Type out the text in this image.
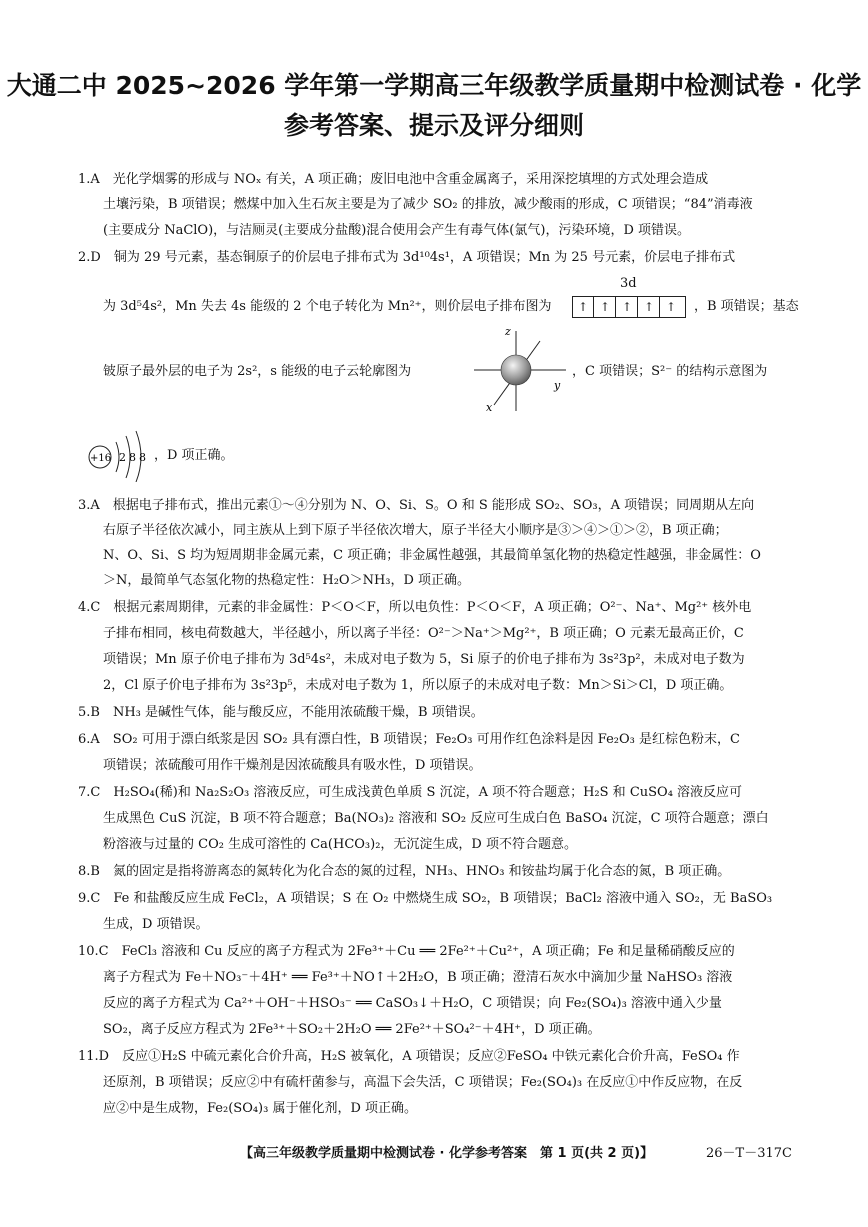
大通二中 2025~2026 学年第一学期高三年级教学质量期中检测试卷 · 化学
参考答案、提示及评分细则
1.A　光化学烟雾的形成与 NOₓ 有关，A 项正确；废旧电池中含重金属离子，采用深挖填埋的方式处理会造成
土壤污染，B 项错误；燃煤中加入生石灰主要是为了减少 SO₂ 的排放，减少酸雨的形成，C 项错误；“84”消毒液
(主要成分 NaClO)，与洁厕灵(主要成分盐酸)混合使用会产生有毒气体(氯气)，污染环境，D 项错误。
2.D　铜为 29 号元素，基态铜原子的价层电子排布式为 3d¹⁰4s¹，A 项错误；Mn 为 25 号元素，价层电子排布式
为 3d⁵4s²，Mn 失去 4s 能级的 2 个电子转化为 Mn²⁺，则价层电子排布图为
3d
↑ ↑ ↑ ↑ ↑	，B 项错误；基态
铍原子最外层的电子为 2s²，s 能级的电子云轮廓图为
z
x
y
，C 项错误；S²⁻ 的结构示意图为
+16 2 8 8 ，D 项正确。
3.A　根据电子排布式，推出元素①～④分别为 N、O、Si、S。O 和 S 能形成 SO₂、SO₃，A 项错误；同周期从左向
右原子半径依次减小，同主族从上到下原子半径依次增大，原子半径大小顺序是③＞④＞①＞②，B 项正确；
N、O、Si、S 均为短周期非金属元素，C 项正确；非金属性越强，其最简单氢化物的热稳定性越强，非金属性：O
＞N，最简单气态氢化物的热稳定性：H₂O＞NH₃，D 项正确。
4.C　根据元素周期律，元素的非金属性：P＜O＜F，所以电负性：P＜O＜F，A 项正确；O²⁻、Na⁺、Mg²⁺ 核外电
子排布相同，核电荷数越大，半径越小，所以离子半径：O²⁻＞Na⁺＞Mg²⁺，B 项正确；O 元素无最高正价，C
项错误；Mn 原子价电子排布为 3d⁵4s²，未成对电子数为 5，Si 原子的价电子排布为 3s²3p²，未成对电子数为
2，Cl 原子价电子排布为 3s²3p⁵，未成对电子数为 1，所以原子的未成对电子数：Mn＞Si＞Cl，D 项正确。
5.B　NH₃ 是碱性气体，能与酸反应，不能用浓硫酸干燥，B 项错误。
6.A　SO₂ 可用于漂白纸浆是因 SO₂ 具有漂白性，B 项错误；Fe₂O₃ 可用作红色涂料是因 Fe₂O₃ 是红棕色粉末，C
项错误；浓硫酸可用作干燥剂是因浓硫酸具有吸水性，D 项错误。
7.C　H₂SO₄(稀)和 Na₂S₂O₃ 溶液反应，可生成浅黄色单质 S 沉淀，A 项不符合题意；H₂S 和 CuSO₄ 溶液反应可
生成黑色 CuS 沉淀，B 项不符合题意；Ba(NO₃)₂ 溶液和 SO₂ 反应可生成白色 BaSO₄ 沉淀，C 项符合题意；漂白
粉溶液与过量的 CO₂ 生成可溶性的 Ca(HCO₃)₂，无沉淀生成，D 项不符合题意。
8.B　氮的固定是指将游离态的氮转化为化合态的氮的过程，NH₃、HNO₃ 和铵盐均属于化合态的氮，B 项正确。
9.C　Fe 和盐酸反应生成 FeCl₂，A 项错误；S 在 O₂ 中燃烧生成 SO₂，B 项错误；BaCl₂ 溶液中通入 SO₂，无 BaSO₃
生成，D 项错误。
10.C　FeCl₃ 溶液和 Cu 反应的离子方程式为 2Fe³⁺＋Cu ══ 2Fe²⁺＋Cu²⁺，A 项正确；Fe 和足量稀硝酸反应的
离子方程式为 Fe＋NO₃⁻＋4H⁺ ══ Fe³⁺＋NO↑＋2H₂O，B 项正确；澄清石灰水中滴加少量 NaHSO₃ 溶液
反应的离子方程式为 Ca²⁺＋OH⁻＋HSO₃⁻ ══ CaSO₃↓＋H₂O，C 项错误；向 Fe₂(SO₄)₃ 溶液中通入少量
SO₂，离子反应方程式为 2Fe³⁺＋SO₂＋2H₂O ══ 2Fe²⁺＋SO₄²⁻＋4H⁺，D 项正确。
11.D　反应①H₂S 中硫元素化合价升高，H₂S 被氧化，A 项错误；反应②FeSO₄ 中铁元素化合价升高，FeSO₄ 作
还原剂，B 项错误；反应②中有硫杆菌参与，高温下会失活，C 项错误；Fe₂(SO₄)₃ 在反应①中作反应物，在反
应②中是生成物，Fe₂(SO₄)₃ 属于催化剂，D 项正确。
【高三年级教学质量期中检测试卷 · 化学参考答案　第 1 页(共 2 页)】	26－T－317C
